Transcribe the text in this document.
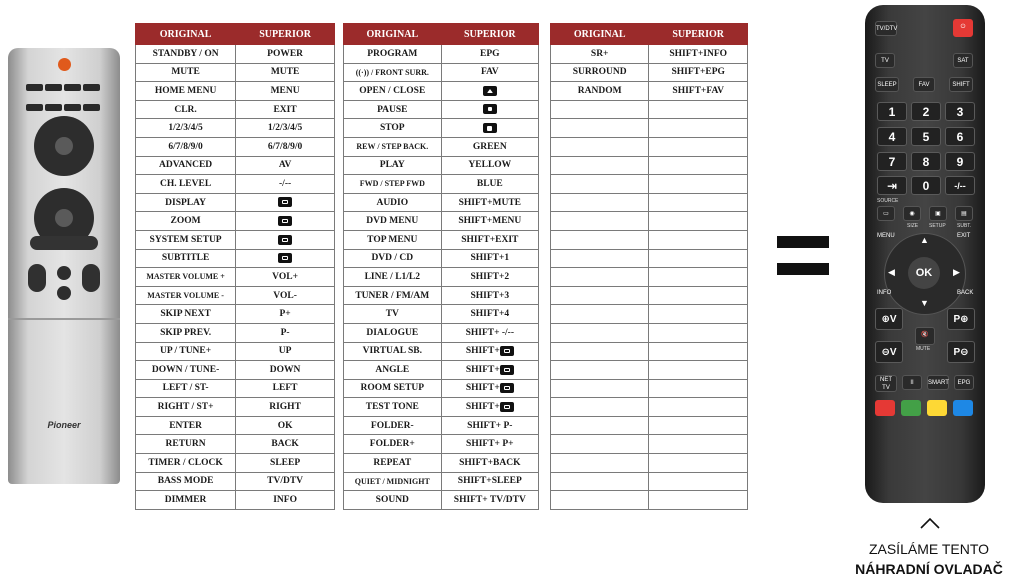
Pioneer
ORIGINAL	SUPERIOR
STANDBY / ON	POWER
MUTE	MUTE
HOME MENU	MENU
CLR.	EXIT
1/2/3/4/5	1/2/3/4/5
6/7/8/9/0	6/7/8/9/0
ADVANCED	AV
CH. LEVEL	-/--
DISPLAY	
ZOOM	
SYSTEM SETUP	
SUBTITLE	
MASTER VOLUME +	VOL+
MASTER VOLUME -	VOL-
SKIP NEXT	P+
SKIP PREV.	P-
UP / TUNE+	UP
DOWN / TUNE-	DOWN
LEFT / ST-	LEFT
RIGHT / ST+	RIGHT
ENTER	OK
RETURN	BACK
TIMER / CLOCK	SLEEP
BASS MODE	TV/DTV
DIMMER	INFO
ORIGINAL	SUPERIOR
PROGRAM	EPG
((·)) / FRONT SURR.	FAV
OPEN / CLOSE	
PAUSE	
STOP	
REW / STEP BACK.	GREEN
PLAY	YELLOW
FWD / STEP FWD	BLUE
AUDIO	SHIFT+MUTE
DVD MENU	SHIFT+MENU
TOP MENU	SHIFT+EXIT
DVD / CD	SHIFT+1
LINE / L1/L2	SHIFT+2
TUNER / FM/AM	SHIFT+3
TV	SHIFT+4
DIALOGUE	SHIFT+ -/--
VIRTUAL SB.	SHIFT+
ANGLE	SHIFT+
ROOM SETUP	SHIFT+
TEST TONE	SHIFT+
FOLDER-	SHIFT+ P-
FOLDER+	SHIFT+ P+
REPEAT	SHIFT+BACK
QUIET / MIDNIGHT	SHIFT+SLEEP
SOUND	SHIFT+ TV/DTV
ORIGINAL	SUPERIOR
SR+	SHIFT+INFO
SURROUND	SHIFT+EPG
RANDOM	SHIFT+FAV

TV/DTV	⏻
TV	SAT
SLEEP	FAV	SHIFT
1	2	3
4	5	6
7	8	9
⇥	0	-/--
SOURCE
▭	◉	▣	▤
SIZE SETUP SUBT.
MENU	EXIT
▲
▼
◀	▶
OK
INFO	BACK
⊕V	P⊕
🔇
MUTE
⊖V	P⊖
NET TV
II	SMART	EPG
ZASÍLÁME TENTO
NÁHRADNÍ OVLADAČ
